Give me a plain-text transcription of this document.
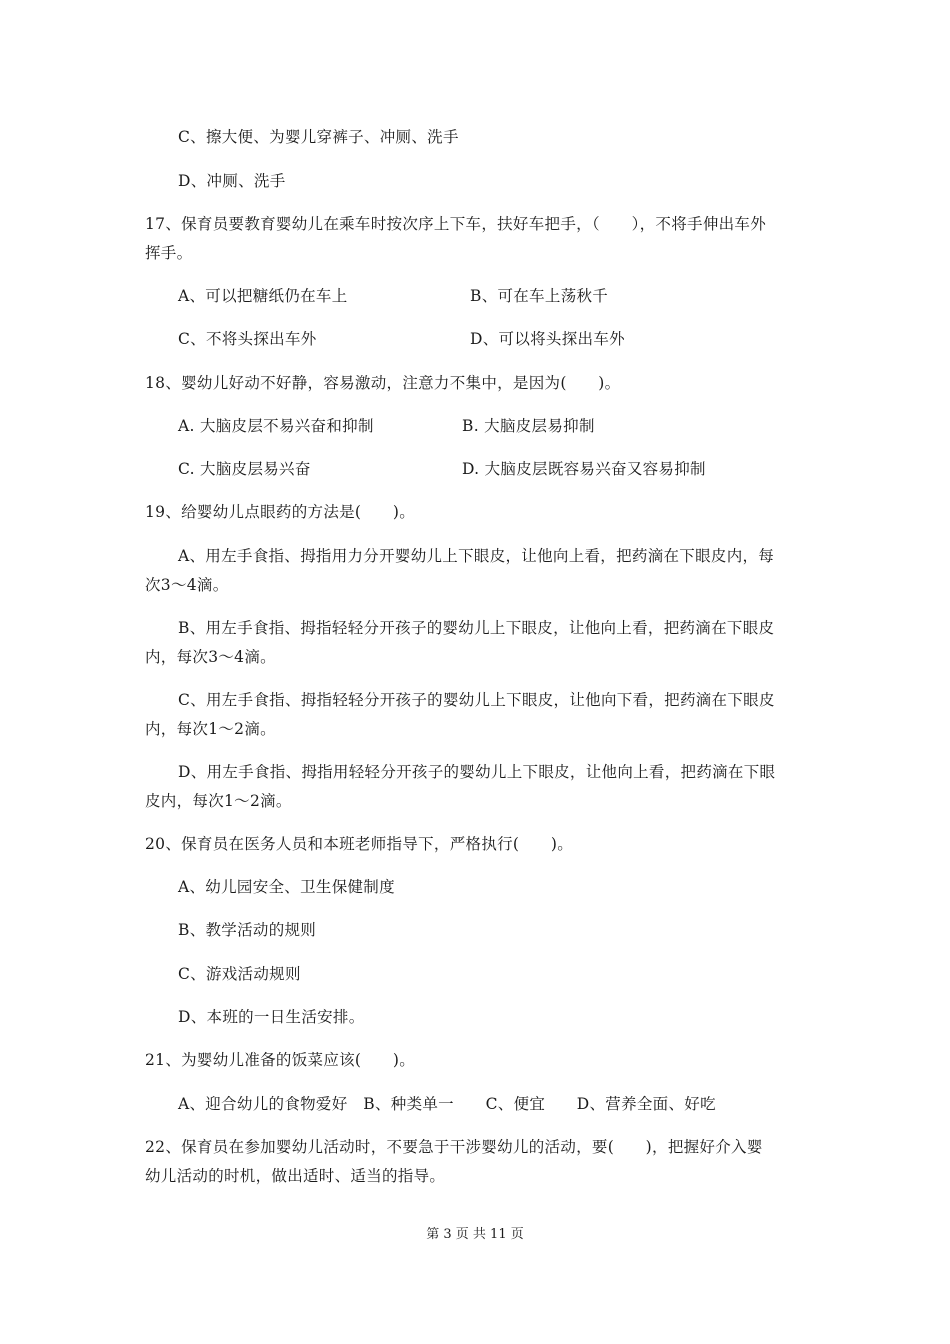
C、擦大便、为婴儿穿裤子、冲厕、洗手
D、冲厕、洗手
17、保育员要教育婴幼儿在乘车时按次序上下车，扶好车把手，（　　），不将手伸出车外
挥手。
A、可以把糖纸仍在车上	B、可在车上荡秋千
C、不将头探出车外	D、可以将头探出车外
18、婴幼儿好动不好静，容易激动，注意力不集中，是因为(　　)。
A. 大脑皮层不易兴奋和抑制	B. 大脑皮层易抑制
C. 大脑皮层易兴奋	D. 大脑皮层既容易兴奋又容易抑制
19、给婴幼儿点眼药的方法是(　　)。
A、用左手食指、拇指用力分开婴幼儿上下眼皮，让他向上看，把药滴在下眼皮内，每
次3～4滴。
B、用左手食指、拇指轻轻分开孩子的婴幼儿上下眼皮，让他向上看，把药滴在下眼皮
内，每次3～4滴。
C、用左手食指、拇指轻轻分开孩子的婴幼儿上下眼皮，让他向下看，把药滴在下眼皮
内，每次1～2滴。
D、用左手食指、拇指用轻轻分开孩子的婴幼儿上下眼皮，让他向上看，把药滴在下眼
皮内，每次1～2滴。
20、保育员在医务人员和本班老师指导下，严格执行(　　)。
A、幼儿园安全、卫生保健制度
B、教学活动的规则
C、游戏活动规则
D、本班的一日生活安排。
21、为婴幼儿准备的饭菜应该(　　)。
A、迎合幼儿的食物爱好　B、种类单一　　C、便宜　　D、营养全面、好吃
22、保育员在参加婴幼儿活动时，不要急于干涉婴幼儿的活动，要(　　)，把握好介入婴
幼儿活动的时机，做出适时、适当的指导。
第 3 页 共 11 页
